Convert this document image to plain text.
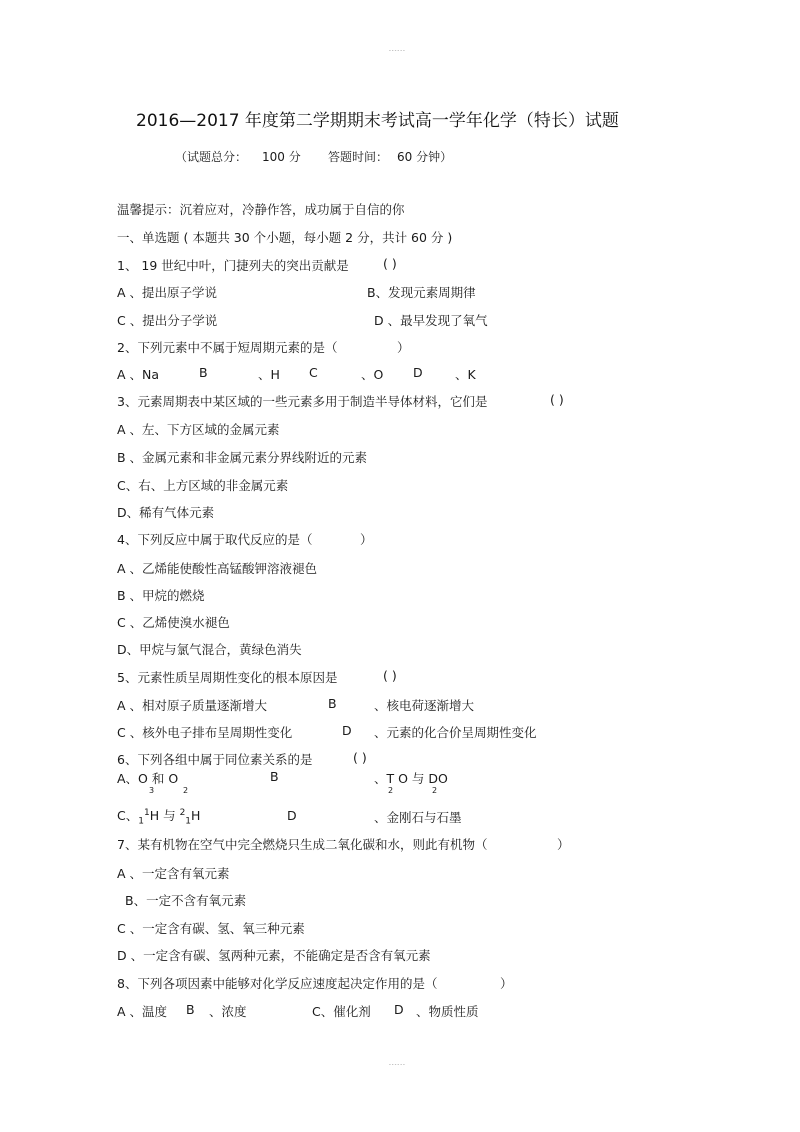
------
2016—2017 年度第二学期期末考试高一学年化学（特长）试题
（试题总分： 100 分 答题时间： 60 分钟）
温馨提示：沉着应对，冷静作答，成功属于自信的你
一、单选题 ( 本题共 30 个小题，每小题 2 分，共计 60 分 )
1、 19 世纪中叶，门捷列夫的突出贡献是	( )
A 、提出原子学说	B、发现元素周期律
C 、提出分子学说	D 、最早发现了氧气
2、下列元素中不属于短周期元素的是（	）
A 、Na	B	、H C	、O D	、K
3、元素周期表中某区域的一些元素多用于制造半导体材料，它们是	( )
A 、左、下方区域的金属元素
B 、金属元素和非金属元素分界线附近的元素
C、右、上方区域的非金属元素
D、稀有气体元素
4、下列反应中属于取代反应的是（	）
A 、乙烯能使酸性高锰酸钾溶液褪色
B 、甲烷的燃烧
C 、乙烯使溴水褪色
D、甲烷与氯气混合，黄绿色消失
5、元素性质呈周期性变化的根本原因是	( )
A 、相对原子质量逐渐增大	B	、核电荷逐渐增大
C 、核外电子排布呈周期性变化	D 、元素的化合价呈周期性变化
6、下列各组中属于同位素关系的是	( )
A、O 和 O
3	2
B	、T O 与 DO
2	2
C、$_1^1$H 与 $^2_1$H	D	、金刚石与石墨
7、某有机物在空气中完全燃烧只生成二氧化碳和水，则此有机物（	）
A 、一定含有氧元素
B、一定不含有氧元素
C 、一定含有碳、氢、氧三种元素
D 、一定含有碳、氢两种元素，不能确定是否含有氧元素
8、下列各项因素中能够对化学反应速度起决定作用的是（	）
A 、温度 B 、浓度	C、催化剂 D 、物质性质
------
